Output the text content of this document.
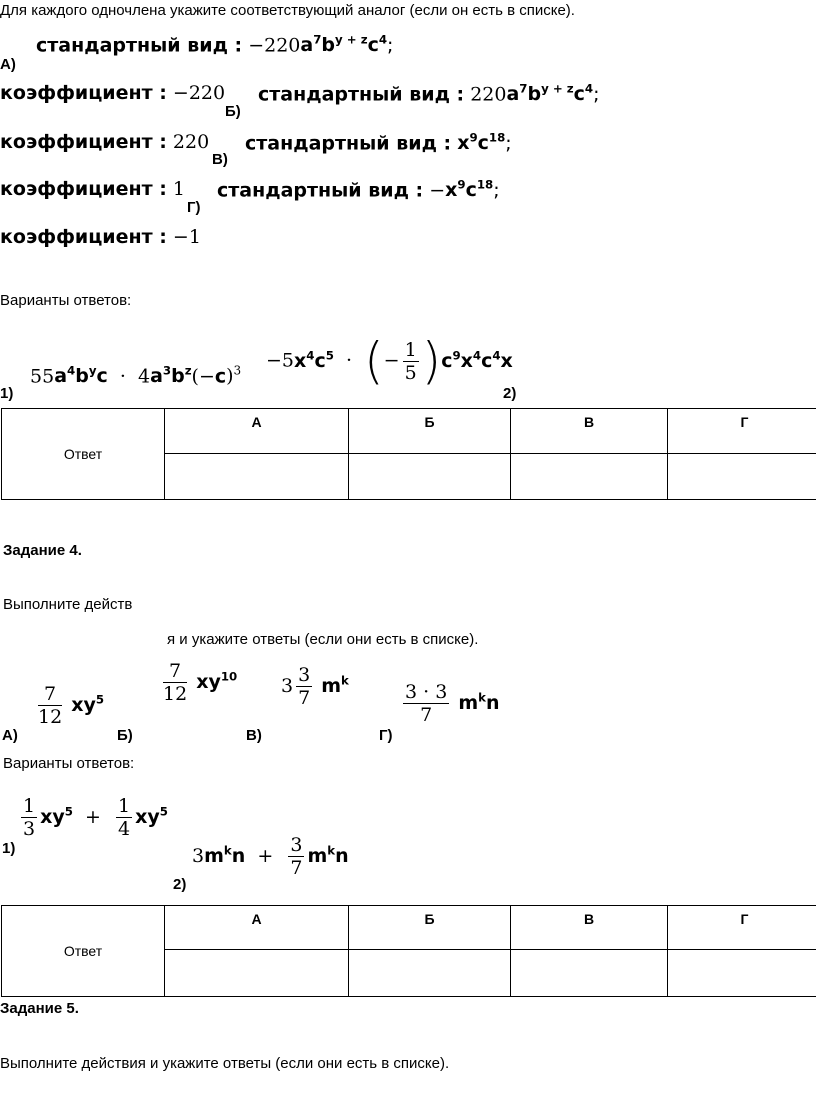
Для каждого одночлена укажите соответствующий аналог (если он есть в списке).
стандартный вид : $-220a^7b^{y + z}c^4$;
А)
коэффициент : −220 стандартный вид : $220a^7b^{y + z}c^4$;
Б)
коэффициент : 220 стандартный вид : $x^9c^{18}$;
В)
коэффициент : 1 стандартный вид : $-x^9c^{18}$;
Г)
коэффициент : −1
Варианты ответов:
$55a^4b^yc \cdot 4a^3b^z(-c)^3$
1)
$-5x^4c^5$  ·  (− $\frac{1}{5} )c^9x^4c^4x$
2)
Ответ	А	Б	В	Г

Задание 4.
Выполните действ
я и укажите ответы (если они есть в списке).
$\frac{7}{12} xy^5$	$\frac{7}{12} xy^{10}$ $3 \frac{3}{7} m^k$
$\frac{3 \cdot 3}{7} m^kn$
А)	Б)	В)	Г)
Варианты ответов:
$\frac{1}{3} xy^5 + \frac{1}{4} xy^5$
1)	$3m^kn + \frac{3}{7} m^kn$
2)
Ответ	А	Б	В	Г

Задание 5.
Выполните действия и укажите ответы (если они есть в списке).
